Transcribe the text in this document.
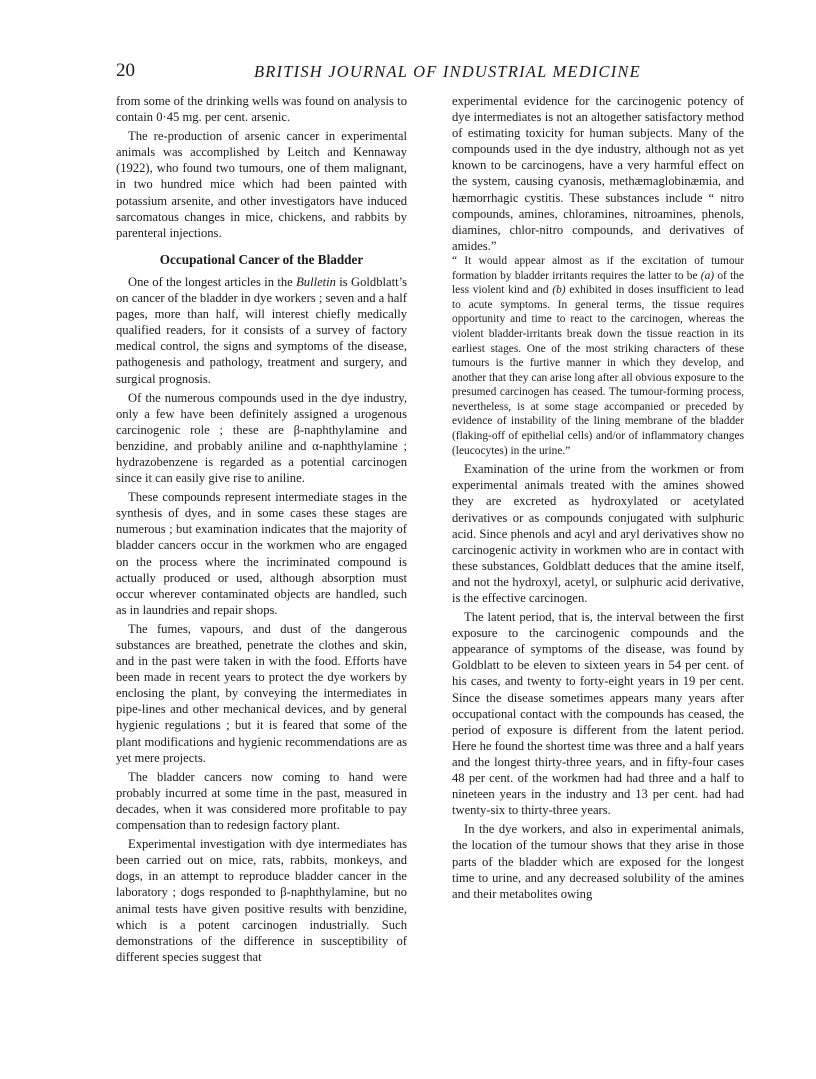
20	BRITISH JOURNAL OF INDUSTRIAL MEDICINE

from some of the drinking wells was found on analysis to contain 0·45 mg. per cent. arsenic.

The re-production of arsenic cancer in experimental animals was accomplished by Leitch and Kennaway (1922), who found two tumours, one of them malignant, in two hundred mice which had been painted with potassium arsenite, and other investigators have induced sarcomatous changes in mice, chickens, and rabbits by parenteral injections.

Occupational Cancer of the Bladder

One of the longest articles in the Bulletin is Goldblatt’s on cancer of the bladder in dye workers ; seven and a half pages, more than half, will interest chiefly medically qualified readers, for it consists of a survey of factory medical control, the signs and symptoms of the disease, pathogenesis and pathology, treatment and surgery, and surgical prognosis.

Of the numerous compounds used in the dye industry, only a few have been definitely assigned a urogenous carcinogenic role ; these are β-naphthylamine and benzidine, and probably aniline and α-naphthylamine ; hydrazobenzene is regarded as a potential carcinogen since it can easily give rise to aniline.

These compounds represent intermediate stages in the synthesis of dyes, and in some cases these stages are numerous ; but examination indicates that the majority of bladder cancers occur in the workmen who are engaged on the process where the incriminated compound is actually produced or used, although absorption must occur wherever contaminated objects are handled, such as in laundries and repair shops.

The fumes, vapours, and dust of the dangerous substances are breathed, penetrate the clothes and skin, and in the past were taken in with the food. Efforts have been made in recent years to protect the dye workers by enclosing the plant, by conveying the intermediates in pipe-lines and other mechanical devices, and by general hygienic regulations ; but it is feared that some of the plant modifications and hygienic recommendations are as yet mere projects.

The bladder cancers now coming to hand were probably incurred at some time in the past, measured in decades, when it was considered more profitable to pay compensation than to redesign factory plant.

Experimental investigation with dye intermediates has been carried out on mice, rats, rabbits, monkeys, and dogs, in an attempt to reproduce bladder cancer in the laboratory ; dogs responded to β-naphthylamine, but no animal tests have given positive results with benzidine, which is a potent carcinogen industrially. Such demonstrations of the difference in susceptibility of different species suggest that

experimental evidence for the carcinogenic potency of dye intermediates is not an altogether satisfactory method of estimating toxicity for human subjects. Many of the compounds used in the dye industry, although not as yet known to be carcinogens, have a very harmful effect on the system, causing cyanosis, methæmaglobinæmia, and hæmorrhagic cystitis. These substances include “ nitro compounds, amines, chloramines, nitroamines, phenols, diamines, chlor-nitro compounds, and derivatives of amides.”

“ It would appear almost as if the excitation of tumour formation by bladder irritants requires the latter to be (a) of the less violent kind and (b) exhibited in doses insufficient to lead to acute symptoms. In general terms, the tissue requires opportunity and time to react to the carcinogen, whereas the violent bladder-irritants break down the tissue reaction in its earliest stages. One of the most striking characters of these tumours is the furtive manner in which they develop, and another that they can arise long after all obvious exposure to the presumed carcinogen has ceased. The tumour-forming process, nevertheless, is at some stage accompanied or preceded by evidence of instability of the lining membrane of the bladder (flaking-off of epithelial cells) and/or of inflammatory changes (leucocytes) in the urine.”

Examination of the urine from the workmen or from experimental animals treated with the amines showed they are excreted as hydroxylated or acetylated derivatives or as compounds conjugated with sulphuric acid. Since phenols and acyl and aryl derivatives show no carcinogenic activity in workmen who are in contact with these substances, Goldblatt deduces that the amine itself, and not the hydroxyl, acetyl, or sulphuric acid derivative, is the effective carcinogen.

The latent period, that is, the interval between the first exposure to the carcinogenic compounds and the appearance of symptoms of the disease, was found by Goldblatt to be eleven to sixteen years in 54 per cent. of his cases, and twenty to forty-eight years in 19 per cent. Since the disease sometimes appears many years after occupational contact with the compounds has ceased, the period of exposure is different from the latent period. Here he found the shortest time was three and a half years and the longest thirty-three years, and in fifty-four cases 48 per cent. of the workmen had had three and a half to nineteen years in the industry and 13 per cent. had had twenty-six to thirty-three years.

In the dye workers, and also in experimental animals, the location of the tumour shows that they arise in those parts of the bladder which are exposed for the longest time to urine, and any decreased solubility of the amines and their metabolites owing
